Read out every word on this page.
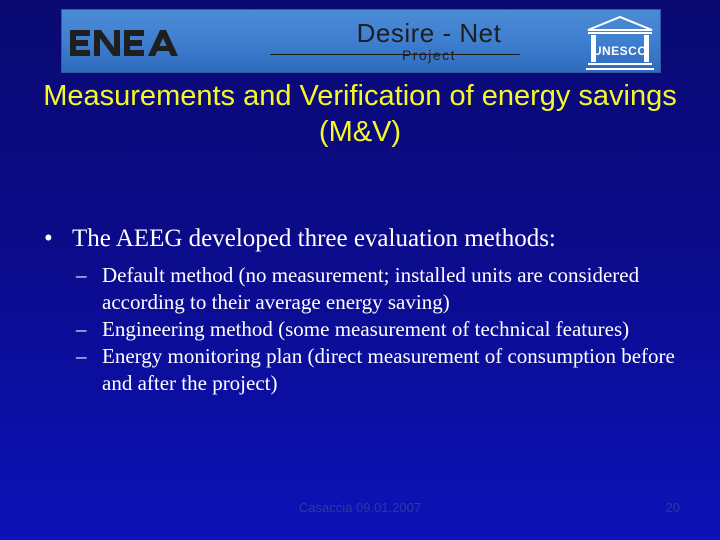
Desire - Net
Project	UNESCO
Measurements and Verification of energy savings (M&V)
• The AEEG developed three evaluation methods:
– Default method (no measurement; installed units are considered according to their average energy saving)
– Engineering method (some measurement of technical features)
– Energy monitoring plan (direct measurement of consumption before and after the project)
Casaccia 09.01.2007	20
